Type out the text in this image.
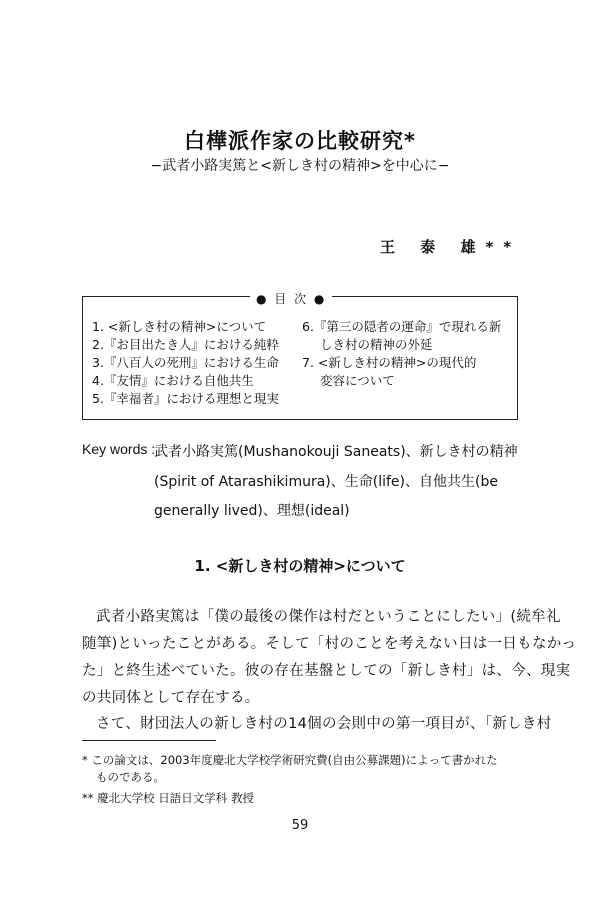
白樺派作家の比較研究*
−武者小路実篤と<新しき村の精神>を中心に−
王 泰 雄**
● 目 次 ●
1. <新しき村の精神>について
2.『お目出たき人』における純粋
3.『八百人の死刑』における生命
4.『友情』における自他共生
5.『幸福者』における理想と現実
6.『第三の隠者の運命』で現れる新
しき村の精神の外延
7. <新しき村の精神>の現代的
変容について
Key words :
武者小路実篤(Mushanokouji Saneats)、新しき村の精神
(Spirit of Atarashikimura)、生命(life)、自他共生(be
generally lived)、理想(ideal)
1. <新しき村の精神>について
武者小路実篤は「僕の最後の傑作は村だということにしたい」(続牟礼
随筆)といったことがある。そして「村のことを考えない日は一日もなかっ
た」と終生述べていた。彼の存在基盤としての「新しき村」は、今、現実
の共同体として存在する。
さて、財団法人の新しき村の14個の会則中の第一項目が、「新しき村
* この論文は、2003年度慶北大学校学術研究費(自由公募課題)によって書かれた
ものである。
** 慶北大学校 日語日文学科 教授
59
